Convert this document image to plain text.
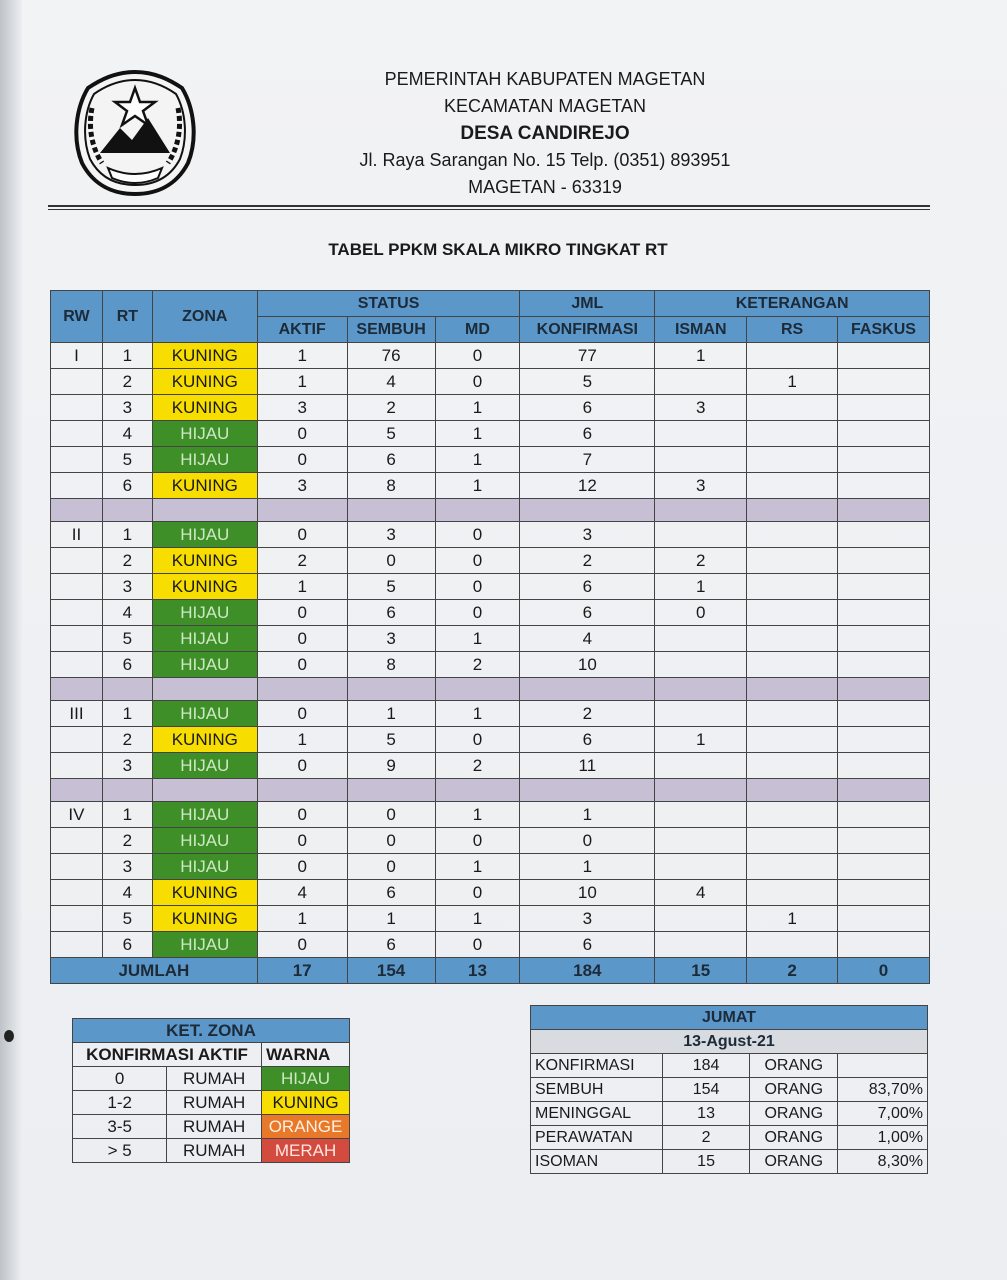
PEMERINTAH KABUPATEN MAGETAN
KECAMATAN MAGETAN
DESA CANDIREJO
Jl. Raya Sarangan No. 15 Telp. (0351) 893951
MAGETAN - 63319
TABEL PPKM SKALA MIKRO TINGKAT RT
RW	RT	ZONA	STATUS			JML	KETERANGAN		
			AKTIF	SEMBUH	MD	KONFIRMASI	ISMAN	RS	FASKUS
I	1	KUNING	1	76	0	77	1		
	2	KUNING	1	4	0	5		1	
	3	KUNING	3	2	1	6	3		
	4	HIJAU	0	5	1	6			
	5	HIJAU	0	6	1	7			
	6	KUNING	3	8	1	12	3		

II	1	HIJAU	0	3	0	3			
	2	KUNING	2	0	0	2	2		
	3	KUNING	1	5	0	6	1		
	4	HIJAU	0	6	0	6	0		
	5	HIJAU	0	3	1	4			
	6	HIJAU	0	8	2	10			

III	1	HIJAU	0	1	1	2			
	2	KUNING	1	5	0	6	1		
	3	HIJAU	0	9	2	11			

IV	1	HIJAU	0	0	1	1			
	2	HIJAU	0	0	0	0			
	3	HIJAU	0	0	1	1			
	4	KUNING	4	6	0	10	4		
	5	KUNING	1	1	1	3		1	
	6	HIJAU	0	6	0	6			
JUMLAH			17	154	13	184	15	2	0
KET. ZONA		
KONFIRMASI AKTIF		WARNA
0	RUMAH	HIJAU
1-2	RUMAH	KUNING
3-5	RUMAH	ORANGE
> 5	RUMAH	MERAH
JUMAT			
13-Agust-21			
KONFIRMASI	184	ORANG	
SEMBUH	154	ORANG	83,70%
MENINGGAL	13	ORANG	7,00%
PERAWATAN	2	ORANG	1,00%
ISOMAN	15	ORANG	8,30%
